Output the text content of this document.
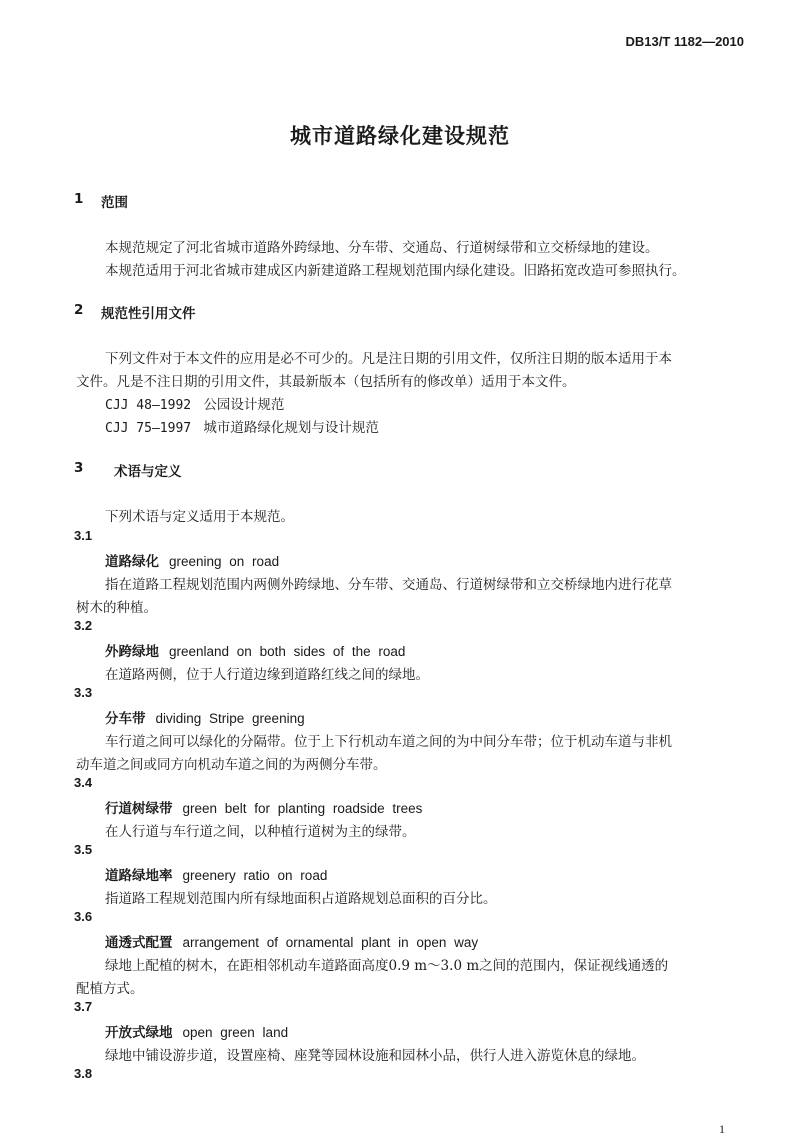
DB13/T 1182—2010
城市道路绿化建设规范
1 范围
本规范规定了河北省城市道路外跨绿地、分车带、交通岛、行道树绿带和立交桥绿地的建设。
本规范适用于河北省城市建成区内新建道路工程规划范围内绿化建设。旧路拓宽改造可参照执行。
2 规范性引用文件
下列文件对于本文件的应用是必不可少的。凡是注日期的引用文件，仅所注日期的版本适用于本
文件。凡是不注日期的引用文件，其最新版本（包括所有的修改单）适用于本文件。
CJJ 48—1992 公园设计规范
CJJ 75—1997 城市道路绿化规划与设计规范
3 术语与定义
下列术语与定义适用于本规范。
3.1
道路绿化 greening on road
指在道路工程规划范围内两侧外跨绿地、分车带、交通岛、行道树绿带和立交桥绿地内进行花草
树木的种植。
3.2
外跨绿地 greenland on both sides of the road
在道路两侧，位于人行道边缘到道路红线之间的绿地。
3.3
分车带 dividing Stripe greening
车行道之间可以绿化的分隔带。位于上下行机动车道之间的为中间分车带；位于机动车道与非机
动车道之间或同方向机动车道之间的为两侧分车带。
3.4
行道树绿带 green belt for planting roadside trees
在人行道与车行道之间，以种植行道树为主的绿带。
3.5
道路绿地率 greenery ratio on road
指道路工程规划范围内所有绿地面积占道路规划总面积的百分比。
3.6
通透式配置 arrangement of ornamental plant in open way
绿地上配植的树木，在距相邻机动车道路面高度0.9 m～3.0 m之间的范围内，保证视线通透的
配植方式。
3.7
开放式绿地 open green land
绿地中铺设游步道，设置座椅、座凳等园林设施和园林小品，供行人进入游览休息的绿地。
3.8
1
